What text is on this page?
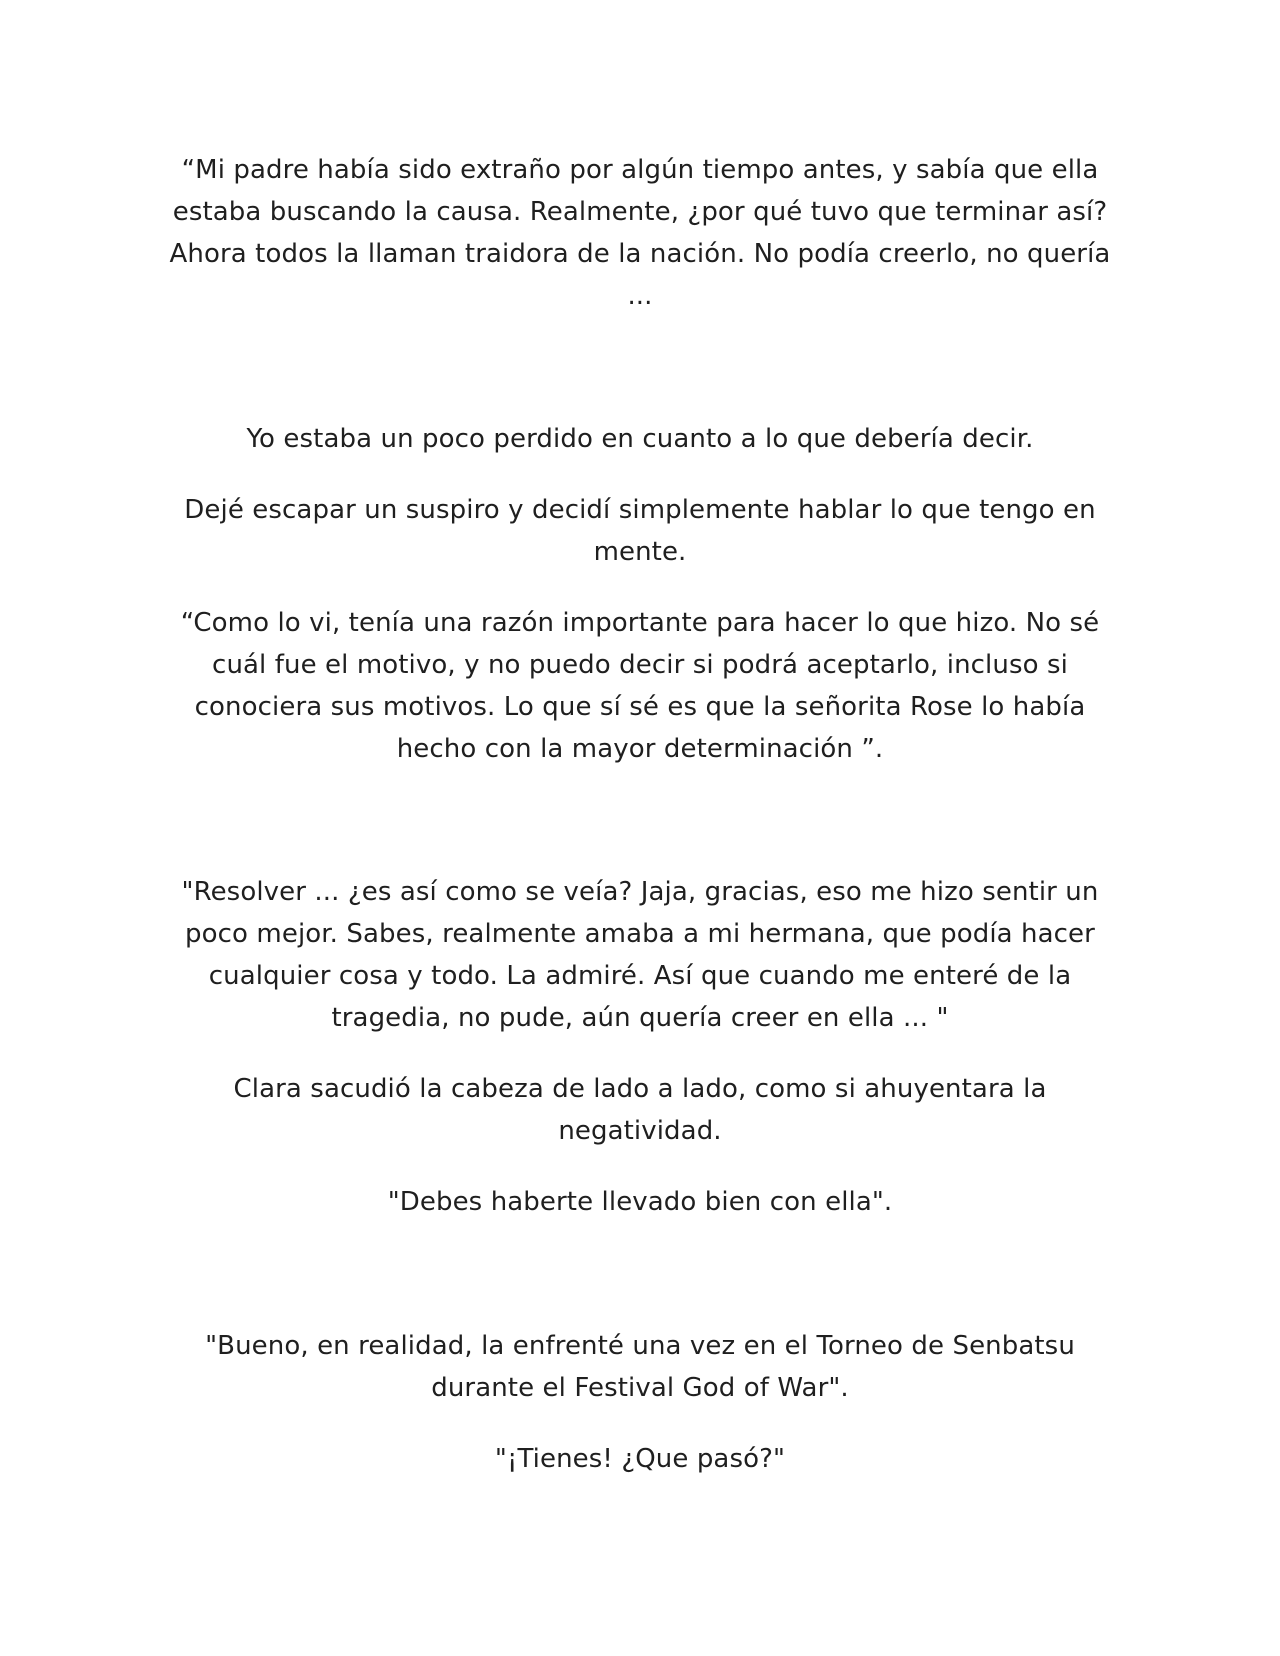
“Mi padre había sido extraño por algún tiempo antes, y sabía que ella estaba buscando la causa. Realmente, ¿por qué tuvo que terminar así? Ahora todos la llaman traidora de la nación. No podía creerlo, no quería ...

Yo estaba un poco perdido en cuanto a lo que debería decir.

Dejé escapar un suspiro y decidí simplemente hablar lo que tengo en mente.

“Como lo vi, tenía una razón importante para hacer lo que hizo. No sé cuál fue el motivo, y no puedo decir si podrá aceptarlo, incluso si conociera sus motivos. Lo que sí sé es que la señorita Rose lo había hecho con la mayor determinación ”.

"Resolver ... ¿es así como se veía? Jaja, gracias, eso me hizo sentir un poco mejor. Sabes, realmente amaba a mi hermana, que podía hacer cualquier cosa y todo. La admiré. Así que cuando me enteré de la tragedia, no pude, aún quería creer en ella ... "

Clara sacudió la cabeza de lado a lado, como si ahuyentara la negatividad.

"Debes haberte llevado bien con ella".

"Bueno, en realidad, la enfrenté una vez en el Torneo de Senbatsu durante el Festival God of War".

"¡Tienes! ¿Que pasó?"
